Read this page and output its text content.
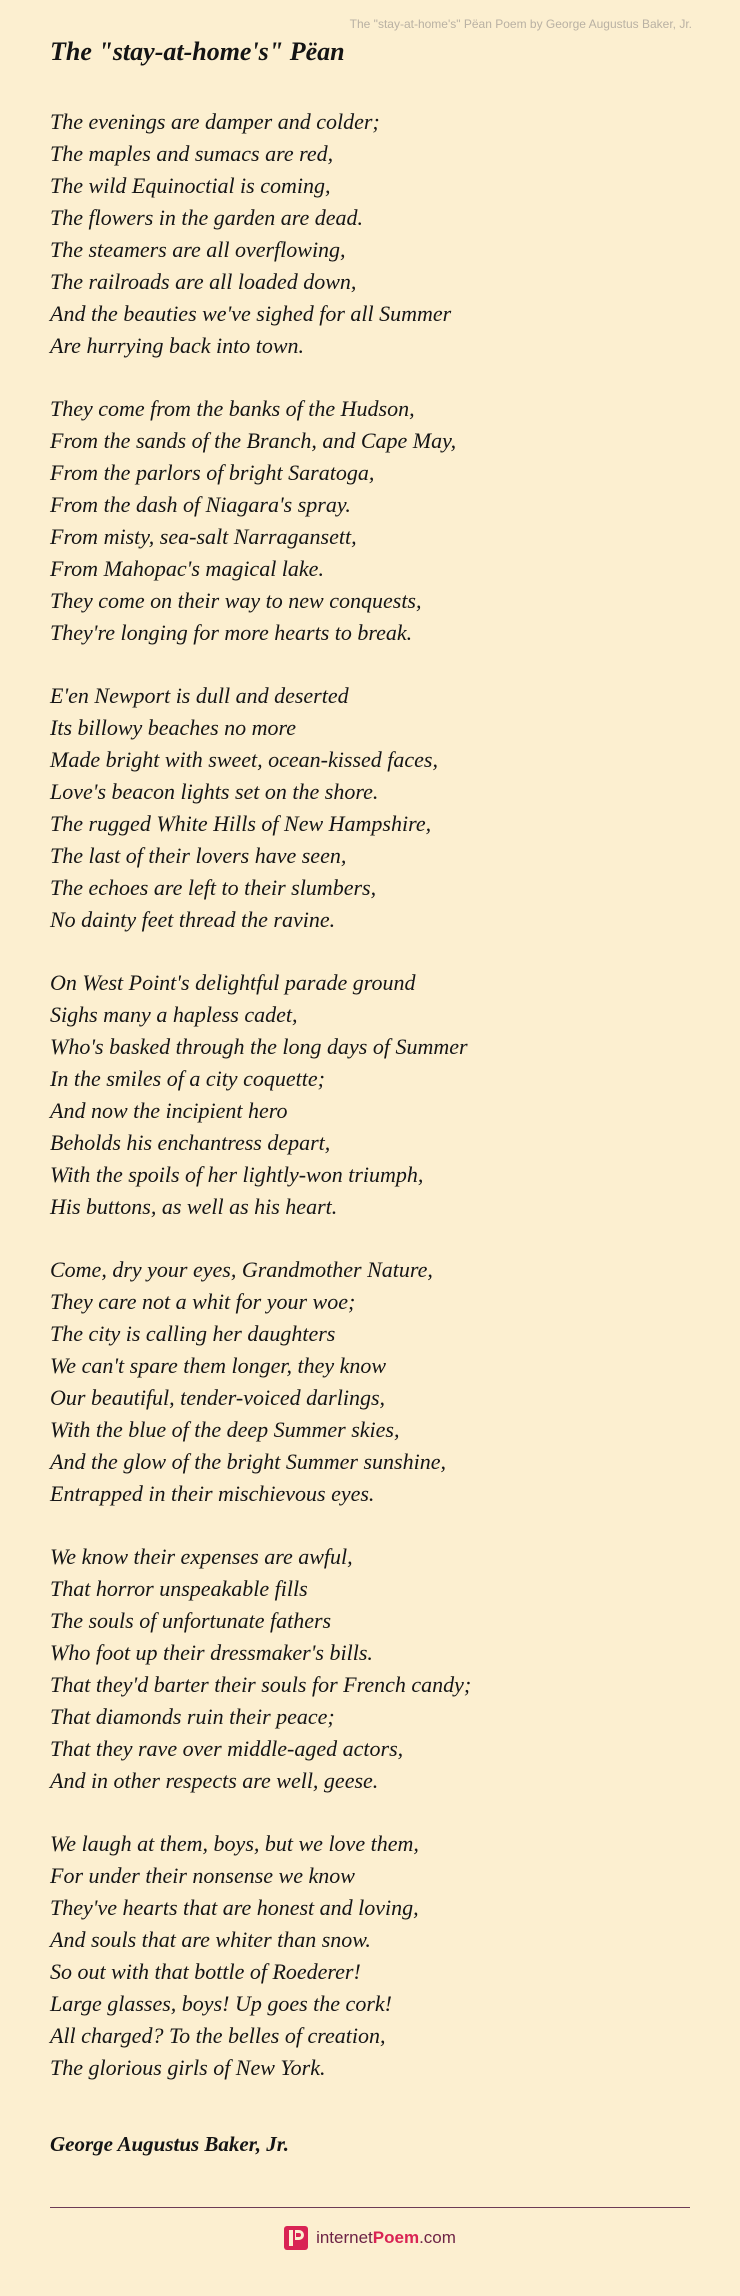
The "stay-at-home's" Pëan Poem by George Augustus Baker, Jr.
The "stay-at-home's" Pëan
The evenings are damper and colder;
The maples and sumacs are red,
The wild Equinoctial is coming,
The flowers in the garden are dead.
The steamers are all overflowing,
The railroads are all loaded down,
And the beauties we've sighed for all Summer
Are hurrying back into town.
They come from the banks of the Hudson,
From the sands of the Branch, and Cape May,
From the parlors of bright Saratoga,
From the dash of Niagara's spray.
From misty, sea-salt Narragansett,
From Mahopac's magical lake.
They come on their way to new conquests,
They're longing for more hearts to break.
E'en Newport is dull and deserted
Its billowy beaches no more
Made bright with sweet, ocean-kissed faces,
Love's beacon lights set on the shore.
The rugged White Hills of New Hampshire,
The last of their lovers have seen,
The echoes are left to their slumbers,
No dainty feet thread the ravine.
On West Point's delightful parade ground
Sighs many a hapless cadet,
Who's basked through the long days of Summer
In the smiles of a city coquette;
And now the incipient hero
Beholds his enchantress depart,
With the spoils of her lightly-won triumph,
His buttons, as well as his heart.
Come, dry your eyes, Grandmother Nature,
They care not a whit for your woe;
The city is calling her daughters
We can't spare them longer, they know
Our beautiful, tender-voiced darlings,
With the blue of the deep Summer skies,
And the glow of the bright Summer sunshine,
Entrapped in their mischievous eyes.
We know their expenses are awful,
That horror unspeakable fills
The souls of unfortunate fathers
Who foot up their dressmaker's bills.
That they'd barter their souls for French candy;
That diamonds ruin their peace;
That they rave over middle-aged actors,
And in other respects are well, geese.
We laugh at them, boys, but we love them,
For under their nonsense we know
They've hearts that are honest and loving,
And souls that are whiter than snow.
So out with that bottle of Roederer!
Large glasses, boys! Up goes the cork!
All charged? To the belles of creation,
The glorious girls of New York.
George Augustus Baker, Jr.
internetPoem.com
